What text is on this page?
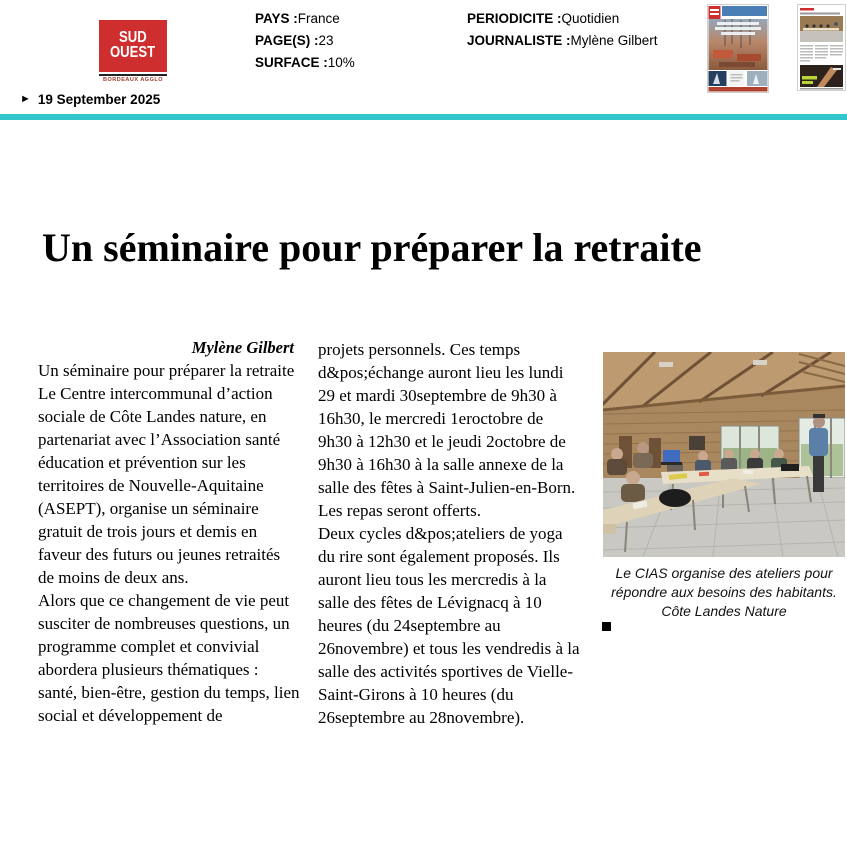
SUD
OUEST
BORDEAUX AGGLO
PAYS :France
PAGE(S) :23
SURFACE :10%
PERIODICITE :Quotidien
JOURNALISTE :Mylène Gilbert
► 19 September 2025
Un séminaire pour préparer la retraite
Mylène Gilbert

Un séminaire pour préparer la retraite

Le Centre intercommunal d’action sociale de Côte Landes nature, en partenariat avec l’Association santé éducation et prévention sur les territoires de Nouvelle-Aquitaine (ASEPT), organise un séminaire gratuit de trois jours et demis en faveur des futurs ou jeunes retraités de moins de deux ans.

Alors que ce changement de vie peut susciter de nombreuses questions, un programme complet et convivial abordera plusieurs thématiques : santé, bien-être, gestion du temps, lien social et développement de

projets personnels. Ces temps d&pos;échange auront lieu les lundi 29 et mardi 30septembre de 9h30 à 16h30, le mercredi 1eroctobre de 9h30 à 12h30 et le jeudi 2octobre de 9h30 à 16h30 à la salle annexe de la salle des fêtes à Saint-Julien-en-Born. Les repas seront offerts.

Deux cycles d&pos;ateliers de yoga du rire sont également proposés. Ils auront lieu tous les mercredis à la salle des fêtes de Lévignacq à 10 heures (du 24septembre au 26novembre) et tous les vendredis à la salle des activités sportives de Vielle-Saint-Girons à 10 heures (du 26septembre au 28novembre).

Le CIAS organise des ateliers pour répondre aux besoins des habitants. Côte Landes Nature
